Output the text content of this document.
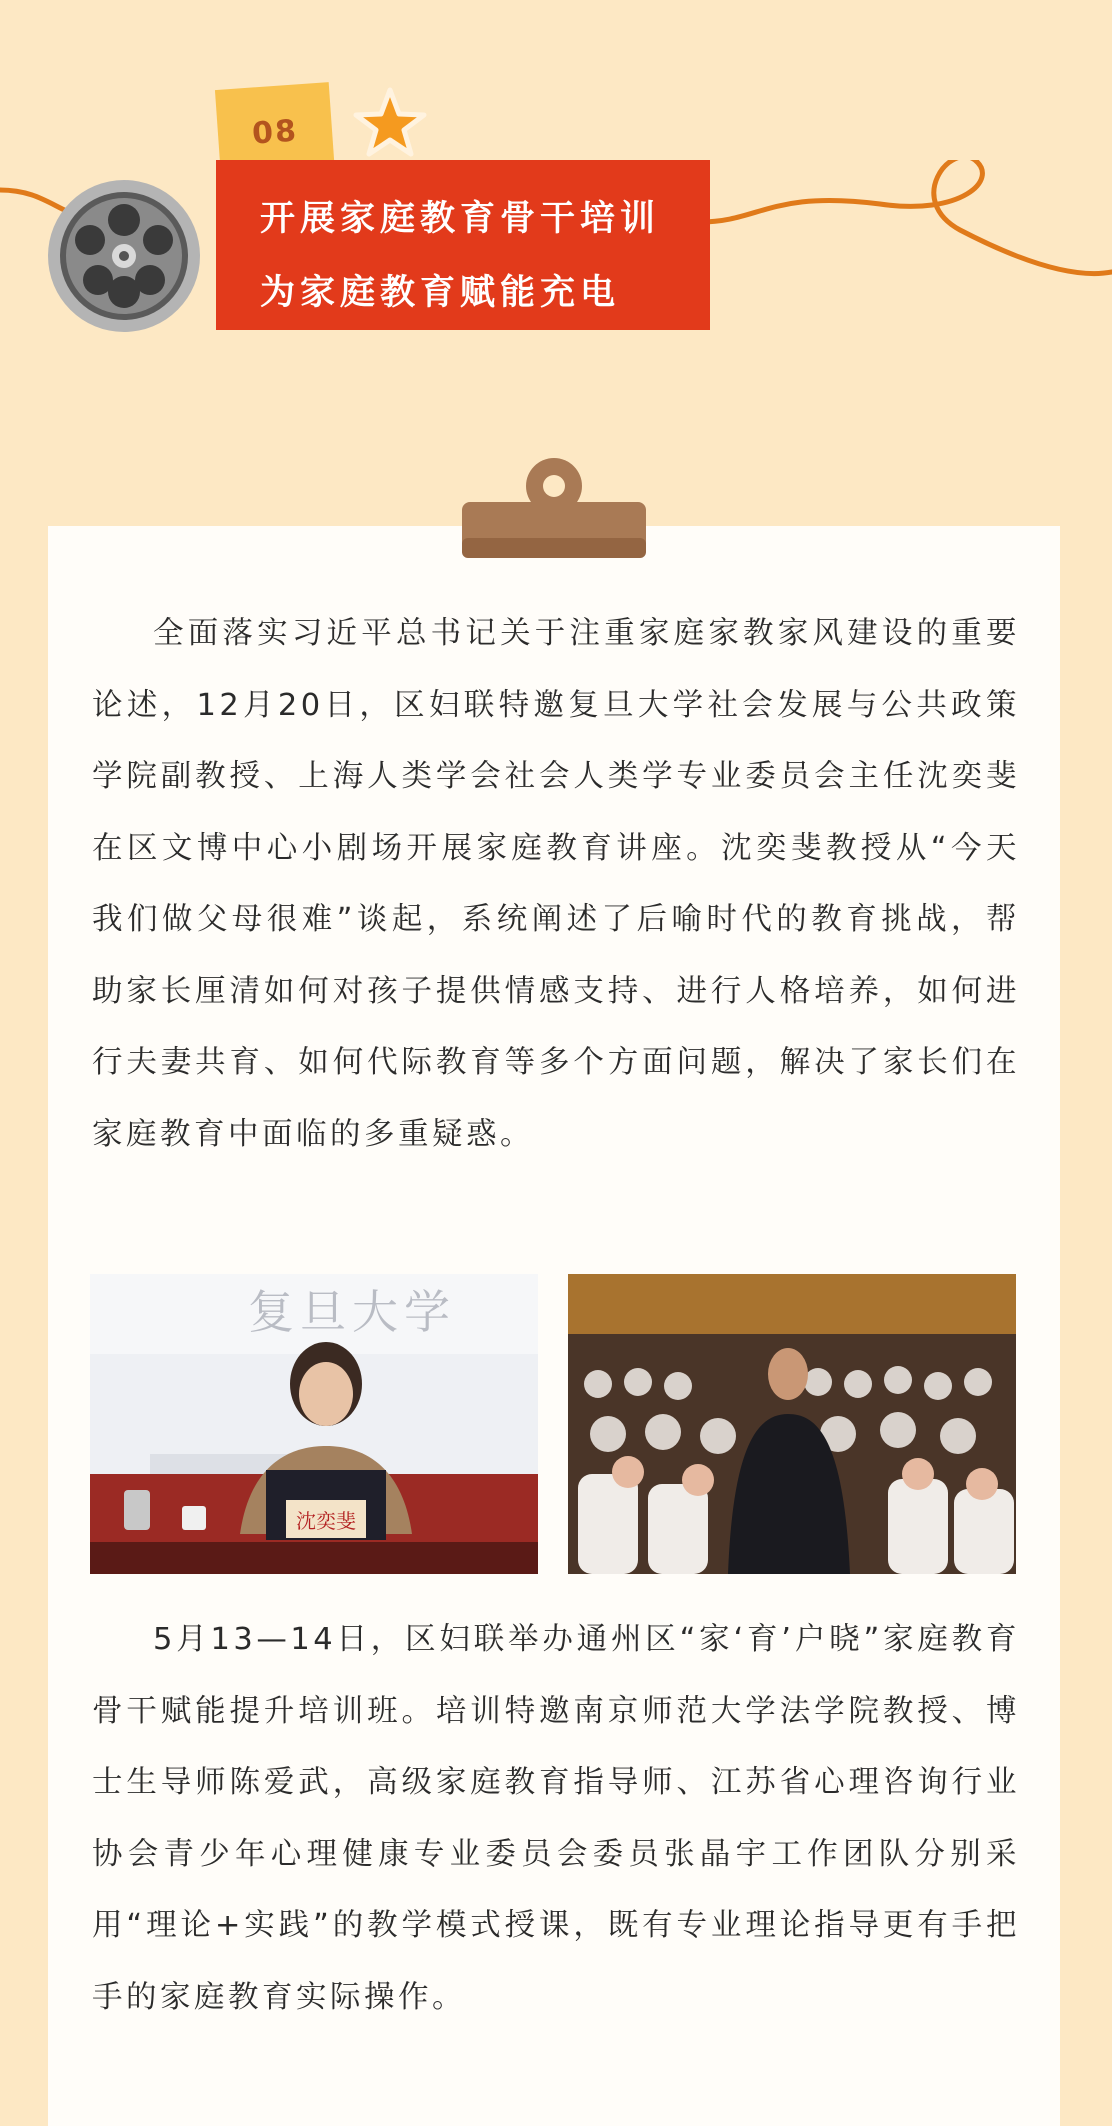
08
开展家庭教育骨干培训
为家庭教育赋能充电

全面落实习近平总书记关于注重家庭家教家风建设的重要论述，12月20日，区妇联特邀复旦大学社会发展与公共政策学院副教授、上海人类学会社会人类学专业委员会主任沈奕斐在区文博中心小剧场开展家庭教育讲座。沈奕斐教授从“今天我们做父母很难”谈起，系统阐述了后喻时代的教育挑战，帮助家长厘清如何对孩子提供情感支持、进行人格培养，如何进行夫妻共育、如何代际教育等多个方面问题，解决了家长们在家庭教育中面临的多重疑惑。

复旦大学
沈奕斐

5月13—14日，区妇联举办通州区“家‘育’户晓”家庭教育骨干赋能提升培训班。培训特邀南京师范大学法学院教授、博士生导师陈爱武，高级家庭教育指导师、江苏省心理咨询行业协会青少年心理健康专业委员会委员张晶宇工作团队分别采用“理论+实践”的教学模式授课，既有专业理论指导更有手把手的家庭教育实际操作。
